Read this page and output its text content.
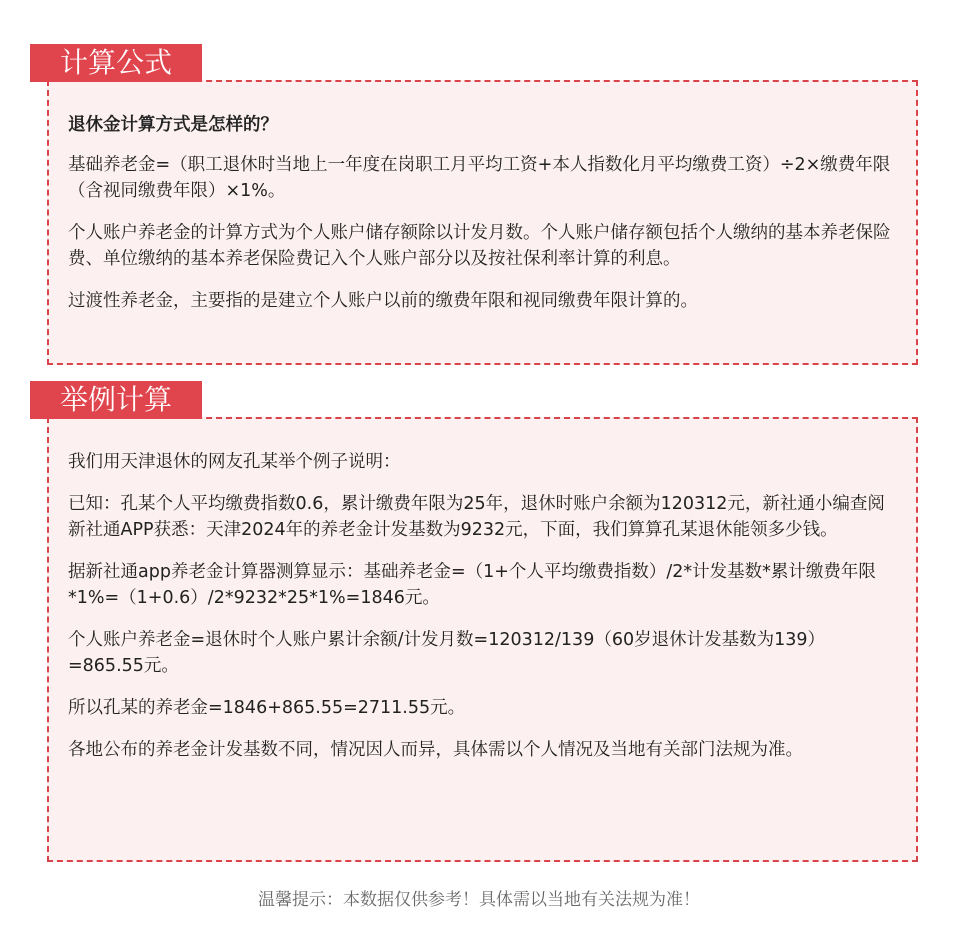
计算公式

退休金计算方式是怎样的？

基础养老金=（职工退休时当地上一年度在岗职工月平均工资+本人指数化月平均缴费工资）÷2×缴费年限（含视同缴费年限）×1%。

个人账户养老金的计算方式为个人账户储存额除以计发月数。个人账户储存额包括个人缴纳的基本养老保险费、单位缴纳的基本养老保险费记入个人账户部分以及按社保利率计算的利息。

过渡性养老金，主要指的是建立个人账户以前的缴费年限和视同缴费年限计算的。

举例计算

我们用天津退休的网友孔某举个例子说明：

已知：孔某个人平均缴费指数0.6，累计缴费年限为25年，退休时账户余额为120312元，新社通小编查阅新社通APP获悉：天津2024年的养老金计发基数为9232元，下面，我们算算孔某退休能领多少钱。

据新社通app养老金计算器测算显示：基础养老金=（1+个人平均缴费指数）/2*计发基数*累计缴费年限*1%=（1+0.6）/2*9232*25*1%=1846元。

个人账户养老金=退休时个人账户累计余额/计发月数=120312/139（60岁退休计发基数为139）=865.55元。

所以孔某的养老金=1846+865.55=2711.55元。

各地公布的养老金计发基数不同，情况因人而异，具体需以个人情况及当地有关部门法规为准。

温馨提示：本数据仅供参考！具体需以当地有关法规为准！
